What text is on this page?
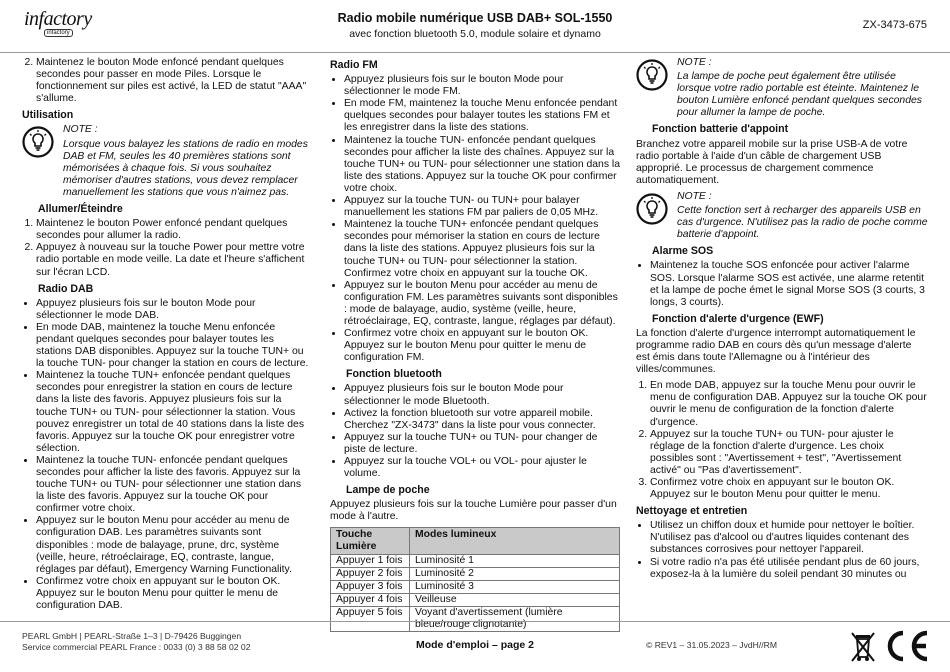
infactory
infactory
Radio mobile numérique USB DAB+ SOL-1550
avec fonction bluetooth 5.0, module solaire et dynamo
ZX-3473-675
2. Maintenez le bouton Mode enfoncé pendant quelques secondes pour passer en mode Piles. Lorsque le fonctionnement sur piles est activé, la LED de statut "AAA" s'allume.
Utilisation
NOTE :
Lorsque vous balayez les stations de radio en modes DAB et FM, seules les 40 premières stations sont mémorisées à chaque fois. Si vous souhaitez mémoriser d'autres stations, vous devez remplacer manuellement les stations que vous n'aimez pas.
Allumer/Éteindre
1. Maintenez le bouton Power enfoncé pendant quelques secondes pour allumer la radio.
2. Appuyez à nouveau sur la touche Power pour mettre votre radio portable en mode veille. La date et l'heure s'affichent sur l'écran LCD.
Radio DAB
• Appuyez plusieurs fois sur le bouton Mode pour sélectionner le mode DAB.
• En mode DAB, maintenez la touche Menu enfoncée pendant quelques secondes pour balayer toutes les stations DAB disponibles. Appuyez sur la touche TUN+ ou la touche TUN- pour changer la station en cours de lecture.
• Maintenez la touche TUN+ enfoncée pendant quelques secondes pour enregistrer la station en cours de lecture dans la liste des favoris. Appuyez plusieurs fois sur la touche TUN+ ou TUN- pour sélectionner la station. Vous pouvez enregistrer un total de 40 stations dans la liste des favoris. Appuyez sur la touche OK pour enregistrer votre sélection.
• Maintenez la touche TUN- enfoncée pendant quelques secondes pour afficher la liste des favoris. Appuyez sur la touche TUN+ ou TUN- pour sélectionner une station dans la liste des favoris. Appuyez sur la touche OK pour confirmer votre choix.
• Appuyez sur le bouton Menu pour accéder au menu de configuration DAB. Les paramètres suivants sont disponibles : mode de balayage, prune, drc, système (veille, heure, rétroéclairage, EQ, contraste, langue, réglages par défaut), Emergency Warning Functionality.
• Confirmez votre choix en appuyant sur le bouton OK. Appuyez sur le bouton Menu pour quitter le menu de configuration DAB.
Radio FM
• Appuyez plusieurs fois sur le bouton Mode pour sélectionner le mode FM.
• En mode FM, maintenez la touche Menu enfoncée pendant quelques secondes pour balayer toutes les stations FM et les enregistrer dans la liste des stations.
• Maintenez la touche TUN- enfoncée pendant quelques secondes pour afficher la liste des chaînes. Appuyez sur la touche TUN+ ou TUN- pour sélectionner une station dans la liste des stations. Appuyez sur la touche OK pour confirmer votre choix.
• Appuyez sur la touche TUN- ou TUN+ pour balayer manuellement les stations FM par paliers de 0,05 MHz.
• Maintenez la touche TUN+ enfoncée pendant quelques secondes pour mémoriser la station en cours de lecture dans la liste des stations. Appuyez plusieurs fois sur la touche TUN+ ou TUN- pour sélectionner la station. Confirmez votre choix en appuyant sur la touche OK.
• Appuyez sur le bouton Menu pour accéder au menu de configuration FM. Les paramètres suivants sont disponibles : mode de balayage, audio, système (veille, heure, rétroéclairage, EQ, contraste, langue, réglages par défaut).
• Confirmez votre choix en appuyant sur le bouton OK. Appuyez sur le bouton Menu pour quitter le menu de configuration FM.
Fonction bluetooth
• Appuyez plusieurs fois sur le bouton Mode pour sélectionner le mode Bluetooth.
• Activez la fonction bluetooth sur votre appareil mobile. Cherchez "ZX-3473" dans la liste pour vous connecter.
• Appuyez sur la touche TUN+ ou TUN- pour changer de piste de lecture.
• Appuyez sur la touche VOL+ ou VOL- pour ajuster le volume.
Lampe de poche

Appuyez plusieurs fois sur la touche Lumière pour passer d'un mode à l'autre.

Touche Lumière	Modes lumineux
Appuyer 1 fois	Luminosité 1
Appuyer 2 fois	Luminosité 2
Appuyer 3 fois	Luminosité 3
Appuyer 4 fois	Veilleuse
Appuyer 5 fois	Voyant d'avertissement (lumière bleue/rouge clignotante)
NOTE :
La lampe de poche peut également être utilisée lorsque votre radio portable est éteinte. Maintenez le bouton Lumière enfoncé pendant quelques secondes pour allumer la lampe de poche.
Fonction batterie d'appoint

Branchez votre appareil mobile sur la prise USB-A de votre radio portable à l'aide d'un câble de chargement USB approprié. Le processus de chargement commence automatiquement.

NOTE :
Cette fonction sert à recharger des appareils USB en cas d'urgence. N'utilisez pas la radio de poche comme batterie d'appoint.
Alarme SOS
• Maintenez la touche SOS enfoncée pour activer l'alarme SOS. Lorsque l'alarme SOS est activée, une alarme retentit et la lampe de poche émet le signal Morse SOS (3 courts, 3 longs, 3 courts).
Fonction d'alerte d'urgence (EWF)

La fonction d'alerte d'urgence interrompt automatiquement le programme radio DAB en cours dès qu'un message d'alerte est émis dans toute l'Allemagne ou à l'intérieur des villes/communes.

1. En mode DAB, appuyez sur la touche Menu pour ouvrir le menu de configuration DAB. Appuyez sur la touche OK pour ouvrir le menu de configuration de la fonction d'alerte d'urgence.
2. Appuyez sur la touche TUN+ ou TUN- pour ajuster le réglage de la fonction d'alerte d'urgence. Les choix possibles sont : "Avertissement + test", "Avertissement activé" ou "Pas d'avertissement".
3. Confirmez votre choix en appuyant sur le bouton OK. Appuyez sur le bouton Menu pour quitter le menu.
Nettoyage et entretien
• Utilisez un chiffon doux et humide pour nettoyer le boîtier. N'utilisez pas d'alcool ou d'autres liquides contenant des substances corrosives pour nettoyer l'appareil.
• Si votre radio n'a pas été utilisée pendant plus de 60 jours, exposez-la à la lumière du soleil pendant 30 minutes ou
PEARL GmbH | PEARL-Straße 1–3 | D-79426 Buggingen
Service commercial PEARL France : 0033 (0) 3 88 58 02 02	Mode d'emploi – page 2	© REV1 – 31.05.2023 – JvdH//RM
